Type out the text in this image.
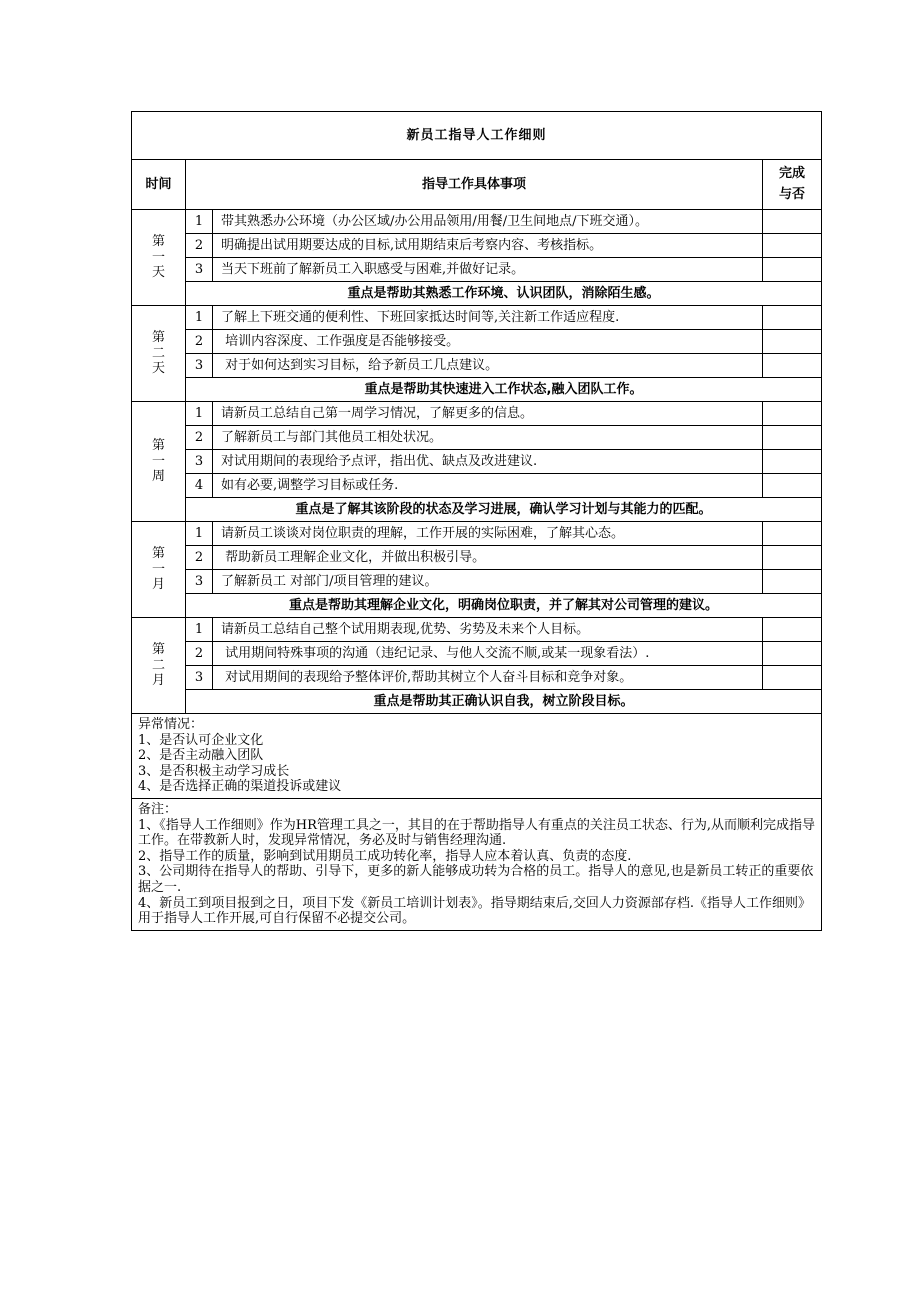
新员工指导人工作细则			
时间	指导工作具体事项		完成
与否
第
一
天	1	带其熟悉办公环境（办公区域/办公用品领用/用餐/卫生间地点/下班交通）。	
	2	明确提出试用期要达成的目标,试用期结束后考察内容、考核指标。	
	3	当天下班前了解新员工入职感受与困难,并做好记录。	
	重点是帮助其熟悉工作环境、认识团队，消除陌生感。		
第
二
天	1	了解上下班交通的便利性、下班回家抵达时间等,关注新工作适应程度.	
	2	培训内容深度、工作强度是否能够接受。	
	3	对于如何达到实习目标，给予新员工几点建议。	
	重点是帮助其快速进入工作状态,融入团队工作。		
第
一
周	1	请新员工总结自己第一周学习情况，了解更多的信息。	
	2	了解新员工与部门其他员工相处状况。	
	3	对试用期间的表现给予点评，指出优、缺点及改进建议.	
	4	如有必要,调整学习目标或任务.	
	重点是了解其该阶段的状态及学习进展，确认学习计划与其能力的匹配。		
第
一
月	1	请新员工谈谈对岗位职责的理解，工作开展的实际困难，了解其心态。	
	2	帮助新员工理解企业文化，并做出积极引导。	
	3	了解新员工 对部门/项目管理的建议。	
	重点是帮助其理解企业文化，明确岗位职责，并了解其对公司管理的建议。		
第
二
月	1	请新员工总结自己整个试用期表现,优势、劣势及未来个人目标。	
	2	试用期间特殊事项的沟通（违纪记录、与他人交流不顺,或某一现象看法）.	
	3	对试用期间的表现给予整体评价,帮助其树立个人奋斗目标和竞争对象。	
	重点是帮助其正确认识自我，树立阶段目标。		

异常情况：
1、是否认可企业文化
2、是否主动融入团队
3、是否积极主动学习成长
4、是否选择正确的渠道投诉或建议			

备注：
1、《指导人工作细则》作为HR管理工具之一，其目的在于帮助指导人有重点的关注员工状态、行为,从而顺利完成指导工作。在带教新人时，发现异常情况，务必及时与销售经理沟通.
2、指导工作的质量，影响到试用期员工成功转化率，指导人应本着认真、负责的态度.
3、公司期待在指导人的帮助、引导下，更多的新人能够成功转为合格的员工。指导人的意见,也是新员工转正的重要依据之一.
4、新员工到项目报到之日，项目下发《新员工培训计划表》。指导期结束后,交回人力资源部存档.《指导人工作细则》用于指导人工作开展,可自行保留不必提交公司。			
